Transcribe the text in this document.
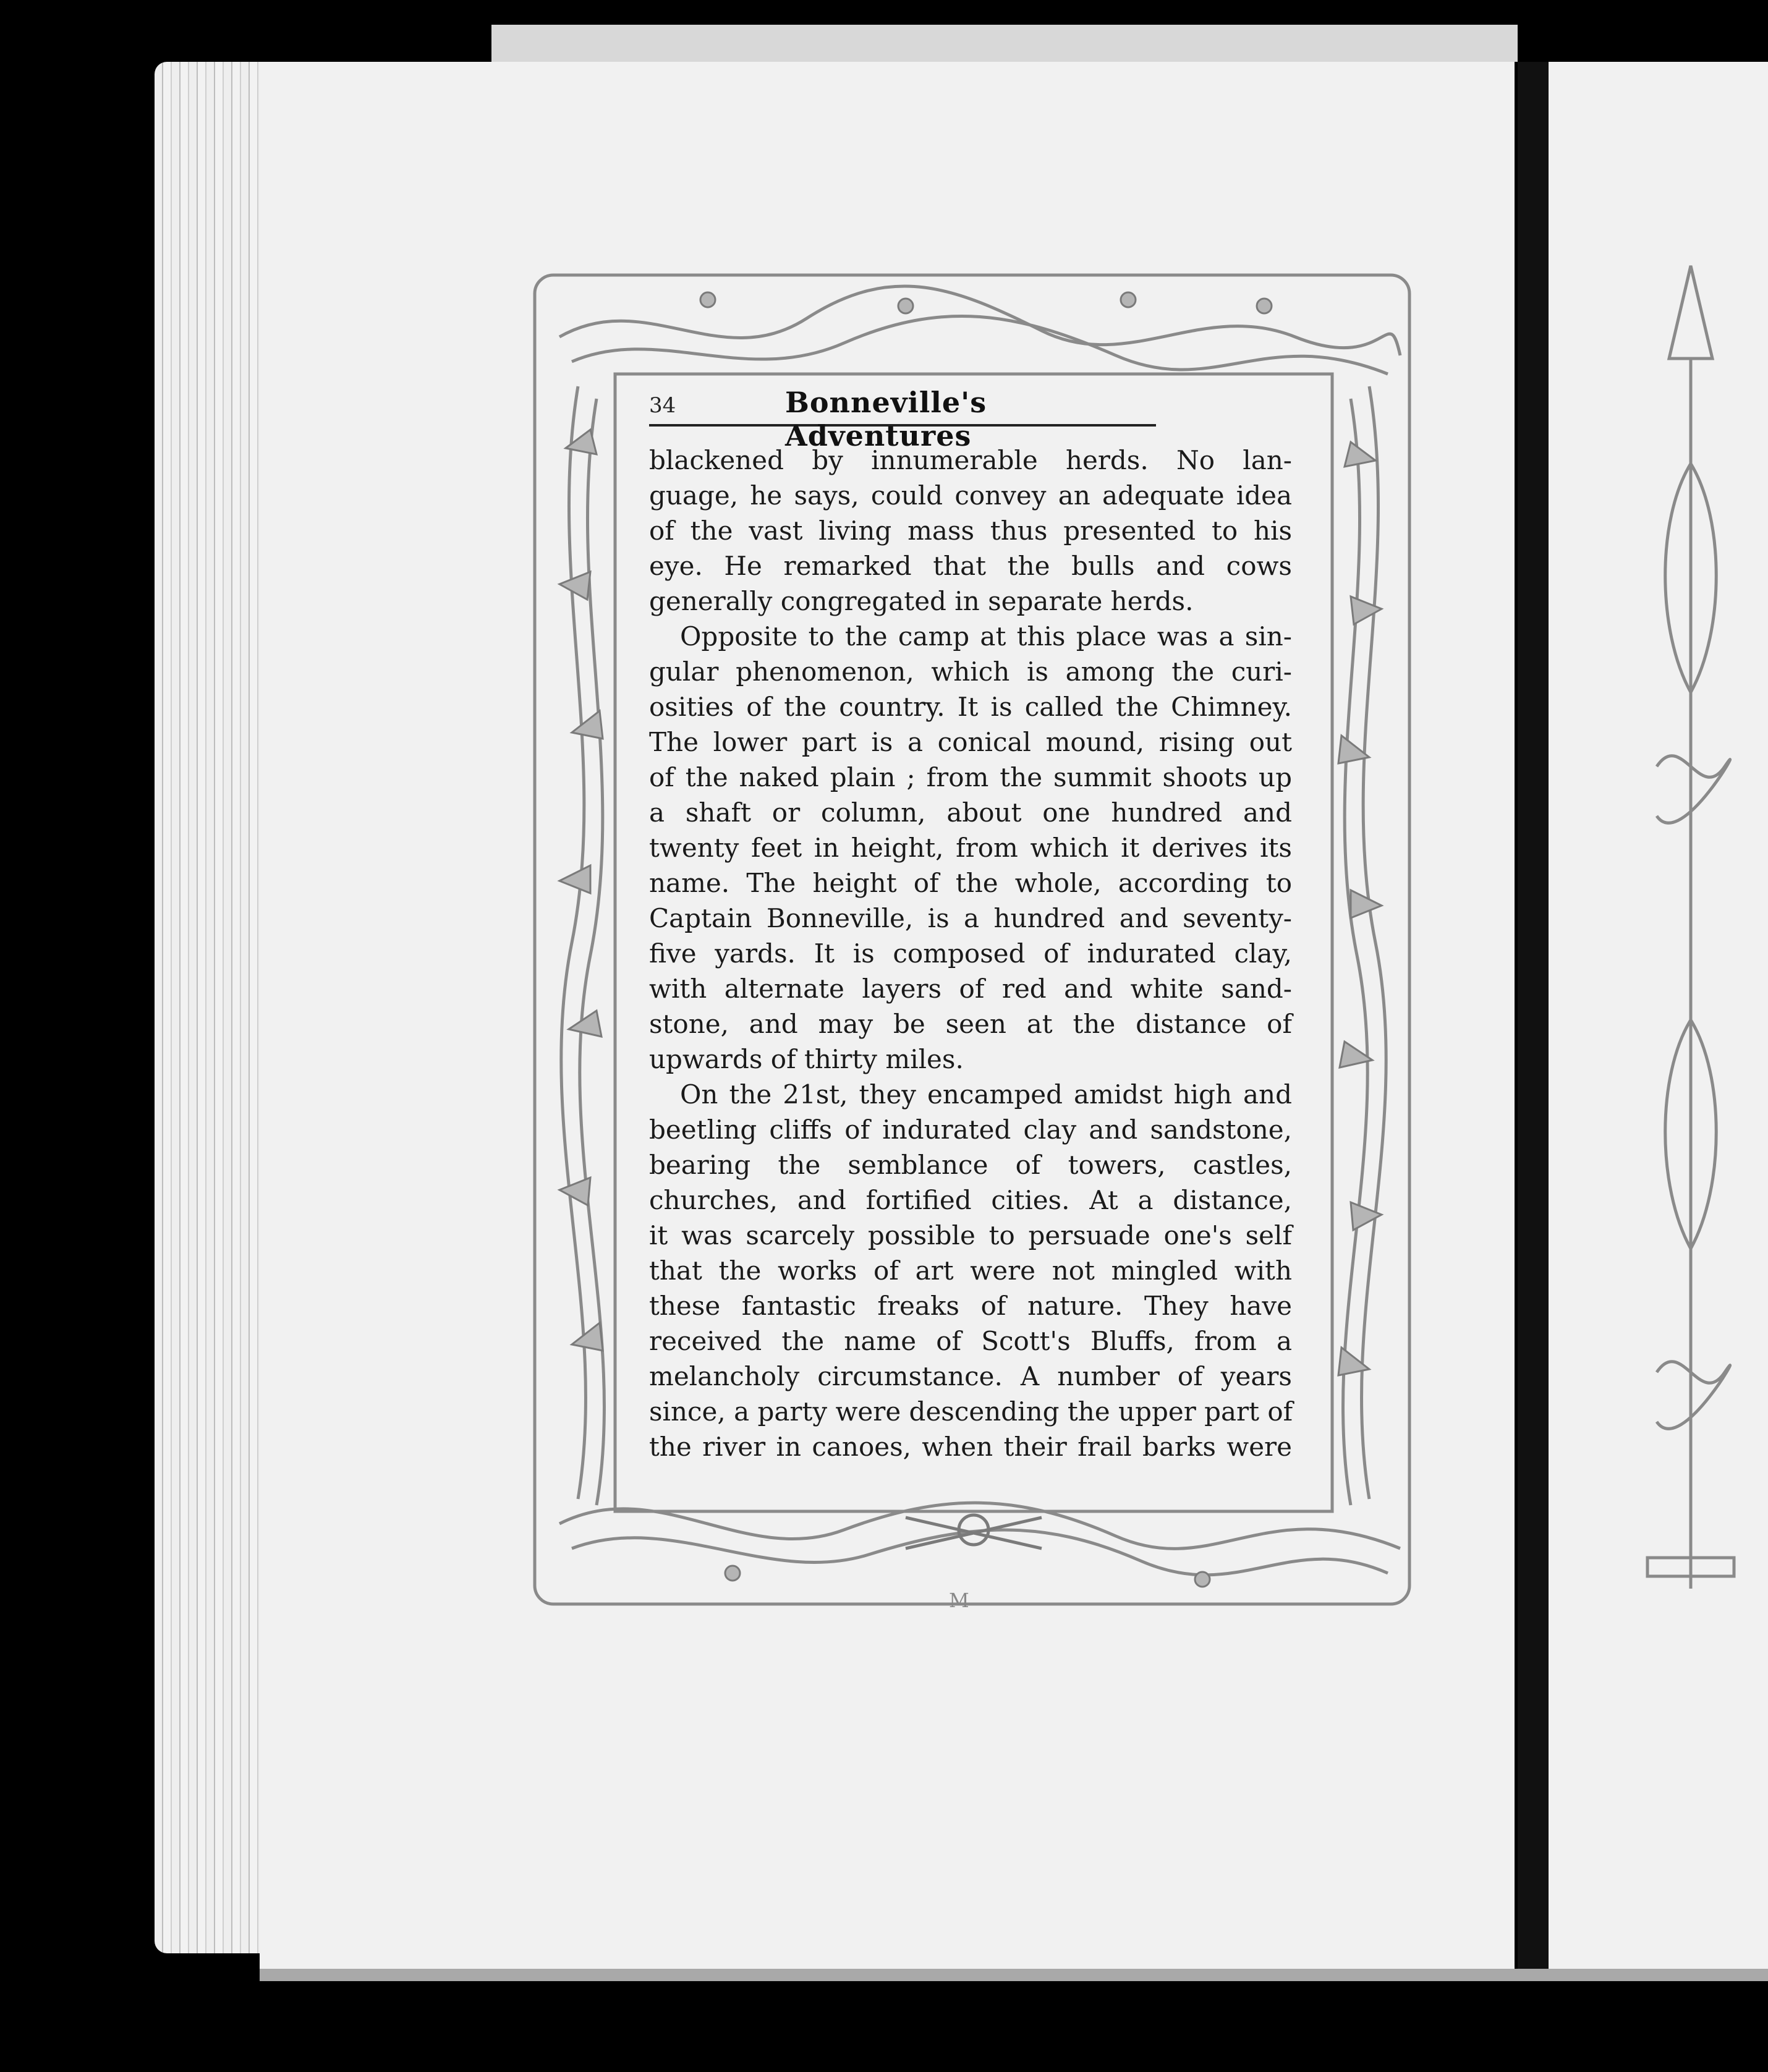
M
34	Bonneville's Adventures
blackened by innumerable herds. No lan-
guage, he says, could convey an adequate idea
of the vast living mass thus presented to his
eye. He remarked that the bulls and cows
generally congregated in separate herds.
Opposite to the camp at this place was a sin-
gular phenomenon, which is among the curi-
osities of the country. It is called the Chimney.
The lower part is a conical mound, rising out
of the naked plain ; from the summit shoots up
a shaft or column, about one hundred and
twenty feet in height, from which it derives its
name. The height of the whole, according to
Captain Bonneville, is a hundred and seventy-
five yards. It is composed of indurated clay,
with alternate layers of red and white sand-
stone, and may be seen at the distance of
upwards of thirty miles.
On the 21st, they encamped amidst high and
beetling cliffs of indurated clay and sandstone,
bearing the semblance of towers, castles,
churches, and fortified cities. At a distance,
it was scarcely possible to persuade one's self
that the works of art were not mingled with
these fantastic freaks of nature. They have
received the name of Scott's Bluffs, from a
melancholy circumstance. A number of years
since, a party were descending the upper part of
the river in canoes, when their frail barks were
